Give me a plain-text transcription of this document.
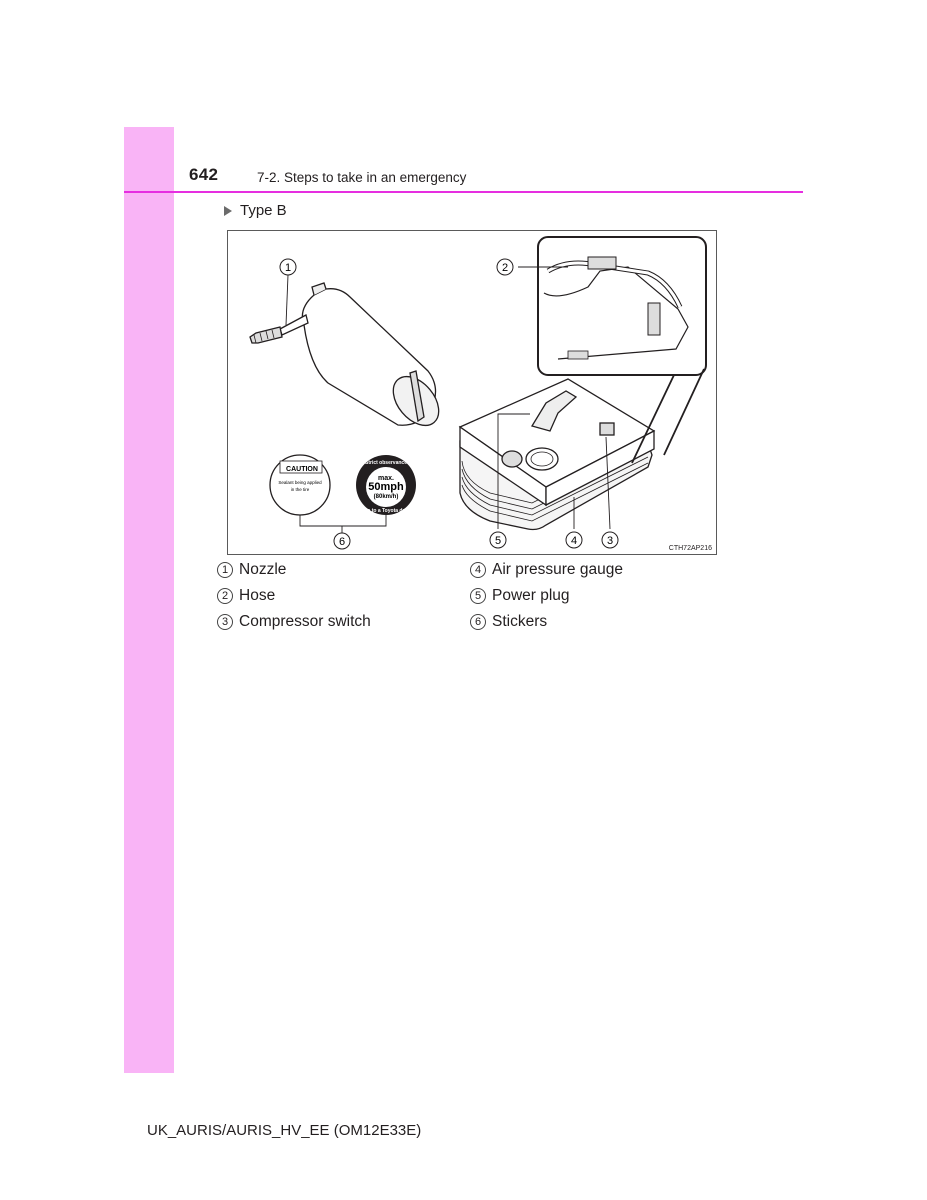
642	7-2. Steps to take in an emergency
Type B
CAUTION
Sealant being applied
in the tire
max.
50mph
(80km/h)
Strict observance
Drive to a Toyota dealer
1	2
3
4
5
6
CTH72AP216
1 Nozzle
2 Hose
3 Compressor switch
4 Air pressure gauge
5 Power plug
6 Stickers
UK_AURIS/AURIS_HV_EE (OM12E33E)
